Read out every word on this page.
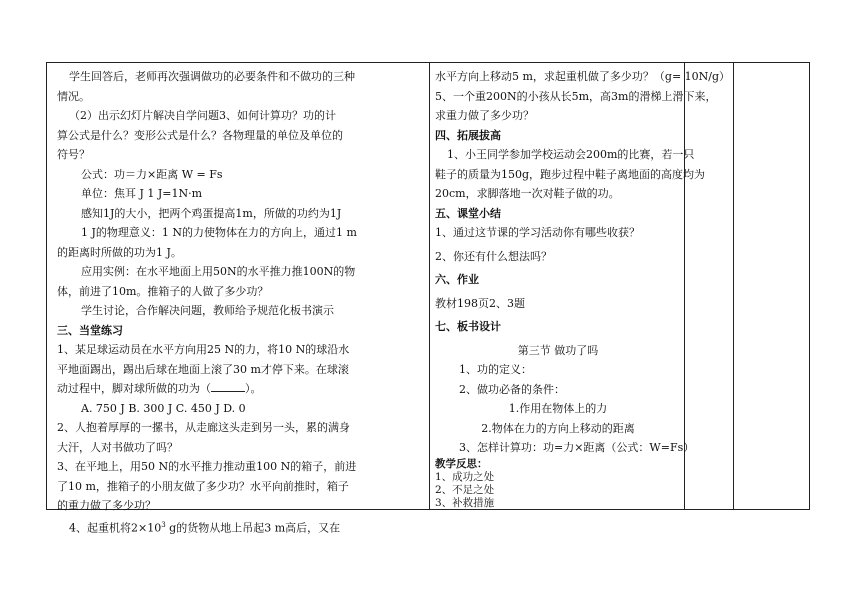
学生回答后，老师再次强调做功的必要条件和不做功的三种

情况。

（2）出示幻灯片解决自学问题3、如何计算功？功的计

算公式是什么？变形公式是什么？各物理量的单位及单位的

符号？

公式：功＝力×距离 W = Fs

单位：焦耳 J 1 J=1N·m

感知1J的大小，把两个鸡蛋提高1m，所做的功约为1J

1 J的物理意义：1 N的力使物体在力的方向上，通过1 m

的距离时所做的功为1 J。

应用实例：在水平地面上用50N的水平推力推100N的物

体，前进了10m。推箱子的人做了多少功？

学生讨论，合作解决问题，教师给予规范化板书演示

三、当堂练习

1、某足球运动员在水平方向用25 N的力，将10 N的球沿水

平地面踢出，踢出后球在地面上滚了30 m才停下来。在球滚

动过程中，脚对球所做的功为（	）。

A. 750 J B. 300 J C. 450 J D. 0

2、人抱着厚厚的一摞书，从走廊这头走到另一头，累的满身

大汗，人对书做功了吗？

3、在平地上，用50 N的水平推力推动重100 N的箱子，前进

了10 m，推箱子的小朋友做了多少功？水平向前推时，箱子

的重力做了多少功？

4、起重机将$2\times 10^3$ g的货物从地上吊起3 m高后，又在

水平方向上移动5 m，求起重机做了多少功？（g= 10N/g）

5、一个重200N的小孩从长5m，高3m的滑梯上滑下来，

求重力做了多少功？

四、拓展拔高

1、小王同学参加学校运动会200m的比赛，若一只

鞋子的质量为150g，跑步过程中鞋子离地面的高度均为

20cm，求脚落地一次对鞋子做的功。

五、课堂小结

1、通过这节课的学习活动你有哪些收获？

2、你还有什么想法吗？

六、作业

教材198页2、3题

七、板书设计

第三节 做功了吗

1、功的定义：

2、做功必备的条件：

1.作用在物体上的力

2.物体在力的方向上移动的距离

3、怎样计算功：功=力×距离（公式：W=Fs）

教学反思：

1、成功之处

2、不足之处

3、补救措施
